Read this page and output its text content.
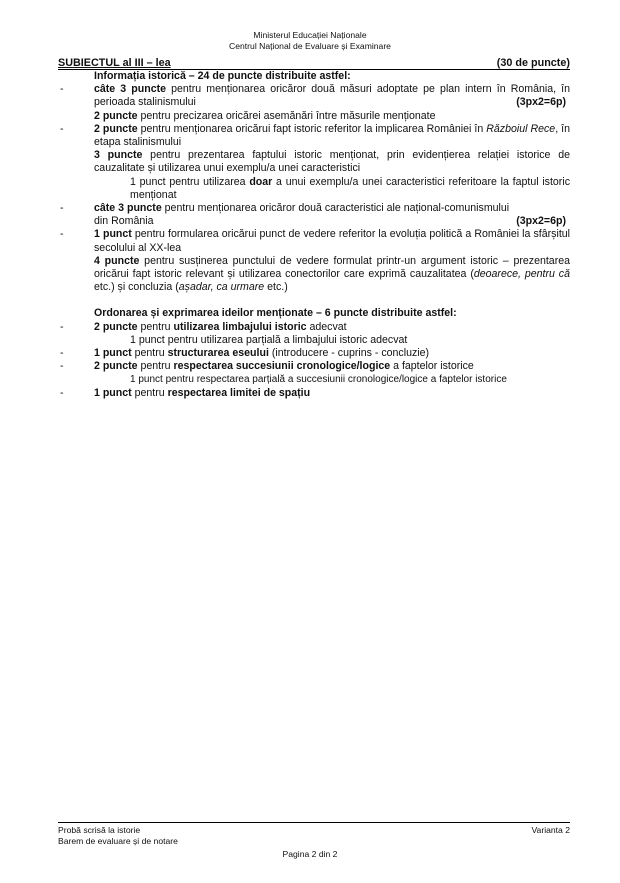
Ministerul Educației Naționale
Centrul Național de Evaluare și Examinare
SUBIECTUL al III – lea	(30 de puncte)
Informația istorică – 24 de puncte distribuite astfel:
-	câte 3 puncte pentru menționarea oricăror două măsuri adoptate pe plan intern în România, în perioada stalinismului	(3px2=6p)
2 puncte pentru precizarea oricărei asemănări între măsurile menționate
-	2 puncte pentru menționarea oricărui fapt istoric referitor la implicarea României în Războiul Rece, în etapa stalinismului
3 puncte pentru prezentarea faptului istoric menționat, prin evidențierea relației istorice de cauzalitate și utilizarea unui exemplu/a unei caracteristici
1 punct pentru utilizarea doar a unui exemplu/a unei caracteristici referitoare la faptul istoric menționat
-	câte 3 puncte pentru menționarea oricăror două caracteristici ale național-comunismului
din România	(3px2=6p)
-	1 punct pentru formularea oricărui punct de vedere referitor la evoluția politică a României la sfârșitul secolului al XX-lea
4 puncte pentru susținerea punctului de vedere formulat printr-un argument istoric – prezentarea oricărui fapt istoric relevant și utilizarea conectorilor care exprimă cauzalitatea (deoarece, pentru că etc.) și concluzia (așadar, ca urmare etc.)
Ordonarea și exprimarea ideilor menționate – 6 puncte distribuite astfel:
-	2 puncte pentru utilizarea limbajului istoric adecvat
1 punct pentru utilizarea parțială a limbajului istoric adecvat
-	1 punct pentru structurarea eseului (introducere - cuprins - concluzie)
-	2 puncte pentru respectarea succesiunii cronologice/logice a faptelor istorice
1 punct pentru respectarea parțială a succesiunii cronologice/logice a faptelor istorice
-	1 punct pentru respectarea limitei de spațiu
Probă scrisă la istorie
Barem de evaluare și de notare
Varianta 2
Pagina 2 din 2
